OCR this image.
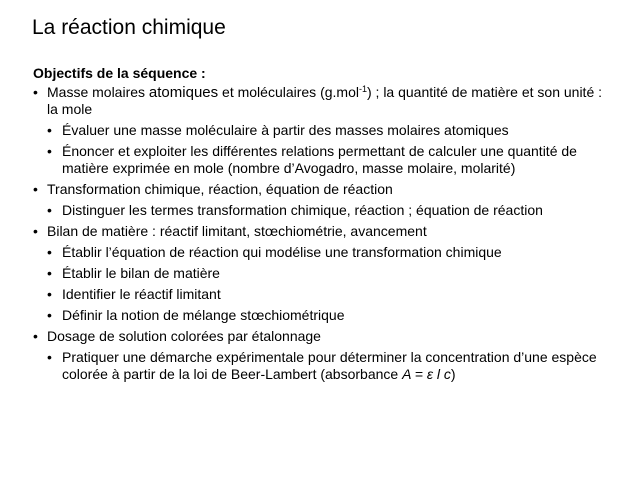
La réaction chimique
Objectifs de la séquence :
• Masse molaires atomiques et moléculaires (g.mol$^{-1}$) ; la quantité de matière et son unité : la mole
• Évaluer une masse moléculaire à partir des masses molaires atomiques
• Énoncer et exploiter les différentes relations permettant de calculer une quantité de matière exprimée en mole (nombre d’Avogadro, masse molaire, molarité)
• Transformation chimique, réaction, équation de réaction
• Distinguer les termes transformation chimique, réaction ; équation de réaction
• Bilan de matière : réactif limitant, stœchiométrie, avancement
• Établir l’équation de réaction qui modélise une transformation chimique
• Établir le bilan de matière
• Identifier le réactif limitant
• Définir la notion de mélange stœchiométrique
• Dosage de solution colorées par étalonnage
• Pratiquer une démarche expérimentale pour déterminer la concentration d’une espèce colorée à partir de la loi de Beer-Lambert (absorbance A = ε l c)
